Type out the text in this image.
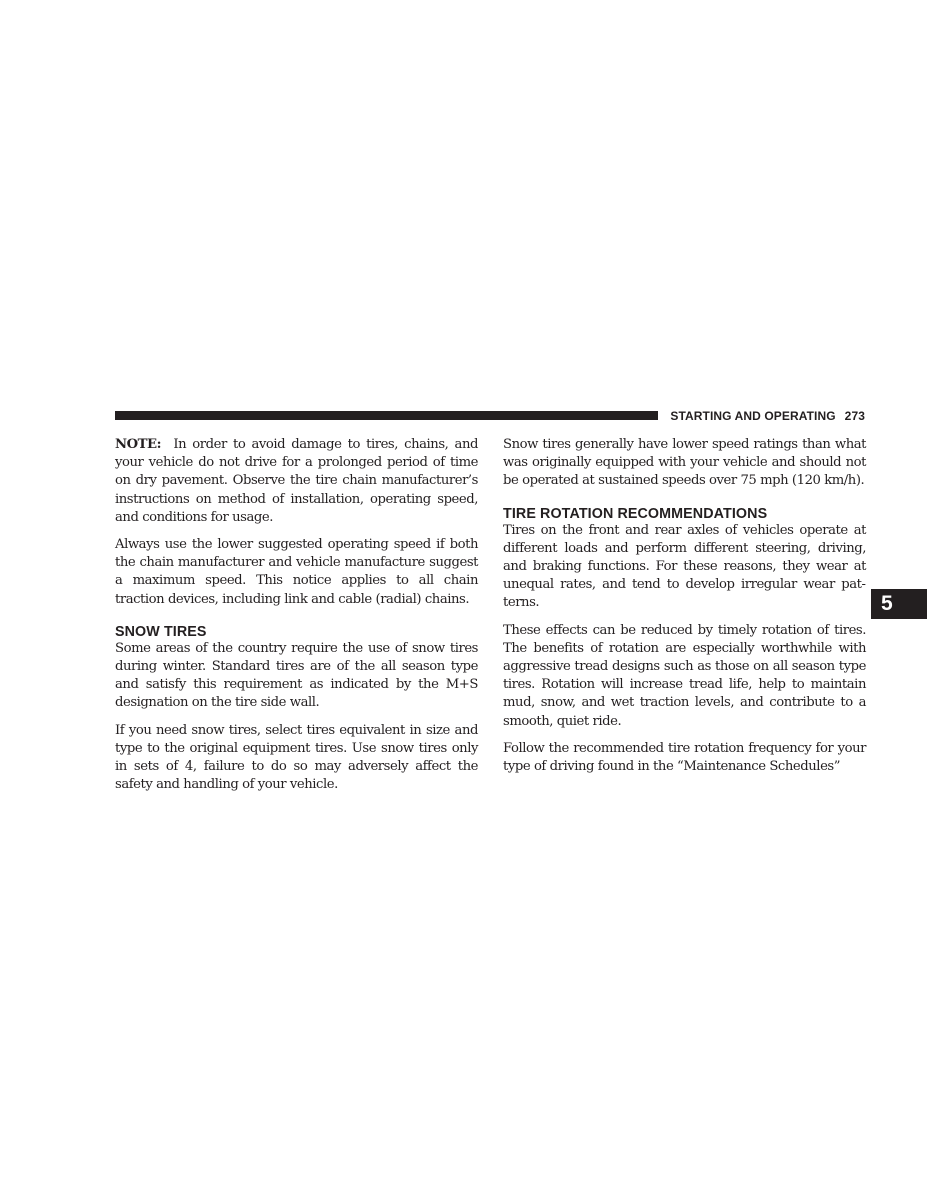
STARTING AND OPERATING 273
5

NOTE: In order to avoid damage to tires, chains, and your vehicle do not drive for a prolonged period of time on dry pavement. Observe the tire chain manufacturer’s instructions on method of installation, operating speed, and conditions for usage.

Always use the lower suggested operating speed if both the chain manufacturer and vehicle manufacture suggest a maximum speed. This notice applies to all chain traction devices, including link and cable (radial) chains.

SNOW TIRES

Some areas of the country require the use of snow tires during winter. Standard tires are of the all season type and satisfy this requirement as indicated by the M+S designation on the tire side wall.

If you need snow tires, select tires equivalent in size and type to the original equipment tires. Use snow tires only in sets of 4, failure to do so may adversely affect the safety and handling of your vehicle.

Snow tires generally have lower speed ratings than what was originally equipped with your vehicle and should not be operated at sustained speeds over 75 mph (120 km/h).

TIRE ROTATION RECOMMENDATIONS

Tires on the front and rear axles of vehicles operate at different loads and perform different steering, driving, and braking functions. For these reasons, they wear at unequal rates, and tend to develop irregular wear patterns.

These effects can be reduced by timely rotation of tires. The benefits of rotation are especially worthwhile with aggressive tread designs such as those on all season type tires. Rotation will increase tread life, help to maintain mud, snow, and wet traction levels, and contribute to a smooth, quiet ride.

Follow the recommended tire rotation frequency for your type of driving found in the “Maintenance Schedules”
